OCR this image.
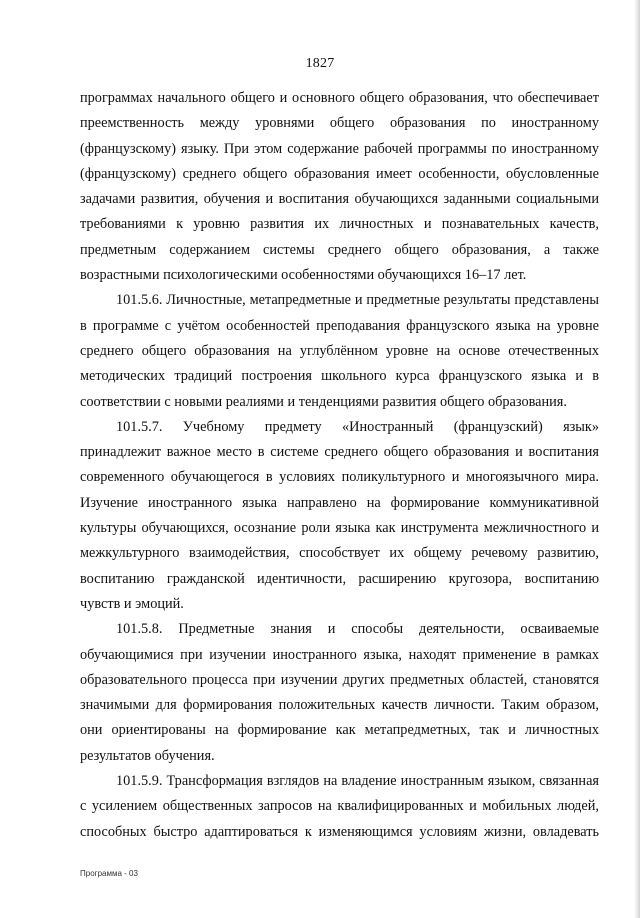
1827

программах начального общего и основного общего образования, что обеспечивает преемственность между уровнями общего образования по иностранному (французскому) языку. При этом содержание рабочей программы по иностранному (французскому) среднего общего образования имеет особенности, обусловленные задачами развития, обучения и воспитания обучающихся заданными социальными требованиями к уровню развития их личностных и познавательных качеств, предметным содержанием системы среднего общего образования, а также возрастными психологическими особенностями обучающихся 16–17 лет.

101.5.6. Личностные, метапредметные и предметные результаты представлены в программе с учётом особенностей преподавания французского языка на уровне среднего общего образования на углублённом уровне на основе отечественных методических традиций построения школьного курса французского языка и в соответствии с новыми реалиями и тенденциями развития общего образования.

101.5.7. Учебному предмету «Иностранный (французский) язык» принадлежит важное место в системе среднего общего образования и воспитания современного обучающегося в условиях поликультурного и многоязычного мира. Изучение иностранного языка направлено на формирование коммуникативной культуры обучающихся, осознание роли языка как инструмента межличностного и межкультурного взаимодействия, способствует их общему речевому развитию, воспитанию гражданской идентичности, расширению кругозора, воспитанию чувств и эмоций.

101.5.8. Предметные знания и способы деятельности, осваиваемые обучающимися при изучении иностранного языка, находят применение в рамках образовательного процесса при изучении других предметных областей, становятся значимыми для формирования положительных качеств личности. Таким образом, они ориентированы на формирование как метапредметных, так и личностных результатов обучения.

101.5.9. Трансформация взглядов на владение иностранным языком, связанная с усилением общественных запросов на квалифицированных и мобильных людей, способных быстро адаптироваться к изменяющимся условиям жизни, овладевать

Программа - 03
